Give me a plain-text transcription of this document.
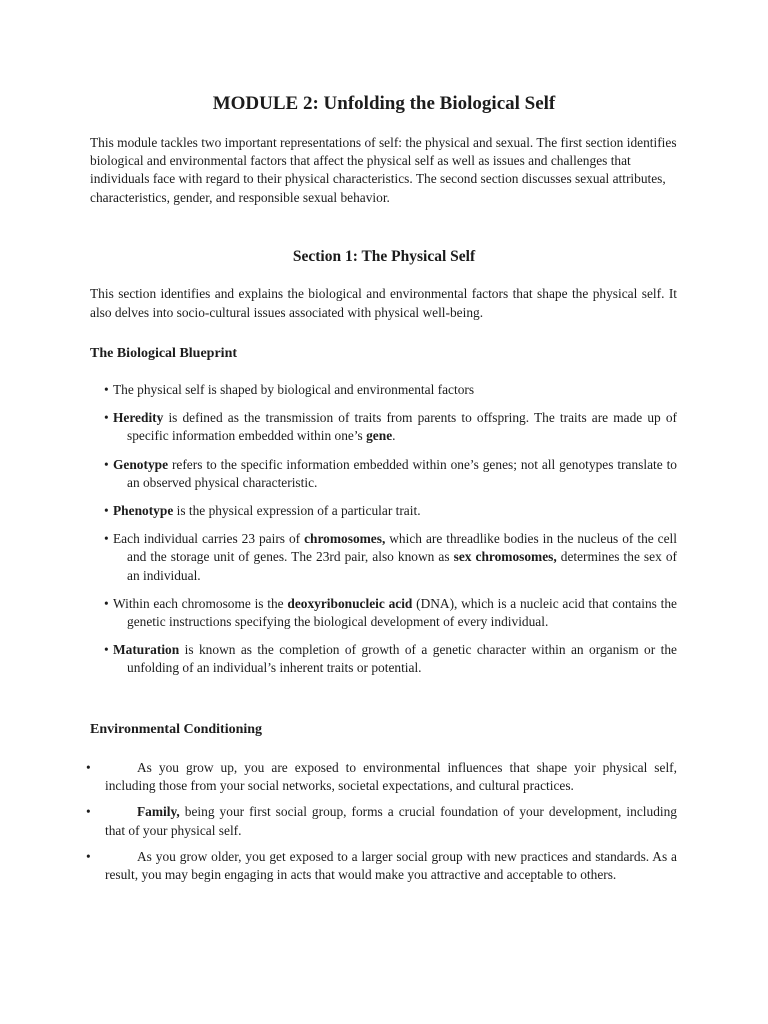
MODULE 2: Unfolding the Biological Self

This module tackles two important representations of self: the physical and sexual. The first section identifies biological and environmental factors that affect the physical self as well as issues and challenges that individuals face with regard to their physical characteristics. The second section discusses sexual attributes, characteristics, gender, and responsible sexual behavior.

Section 1: The Physical Self

This section identifies and explains the biological and environmental factors that shape the physical self. It also delves into socio-cultural issues associated with physical well-being.

The Biological Blueprint
• The physical self is shaped by biological and environmental factors
• Heredity is defined as the transmission of traits from parents to offspring. The traits are made up of specific information embedded within one’s gene.
• Genotype refers to the specific information embedded within one’s genes; not all genotypes translate to an observed physical characteristic.
• Phenotype is the physical expression of a particular trait.
• Each individual carries 23 pairs of chromosomes, which are threadlike bodies in the nucleus of the cell and the storage unit of genes. The 23rd pair, also known as sex chromosomes, determines the sex of an individual.
• Within each chromosome is the deoxyribonucleic acid (DNA), which is a nucleic acid that contains the genetic instructions specifying the biological development of every individual.
• Maturation is known as the completion of growth of a genetic character within an organism or the unfolding of an individual’s inherent traits or potential.
Environmental Conditioning
•	As you grow up, you are exposed to environmental influences that shape yoir physical self, including those from your social networks, societal expectations, and cultural practices.
•	Family, being your first social group, forms a crucial foundation of your development, including that of your physical self.
•	As you grow older, you get exposed to a larger social group with new practices and standards. As a result, you may begin engaging in acts that would make you attractive and acceptable to others.
